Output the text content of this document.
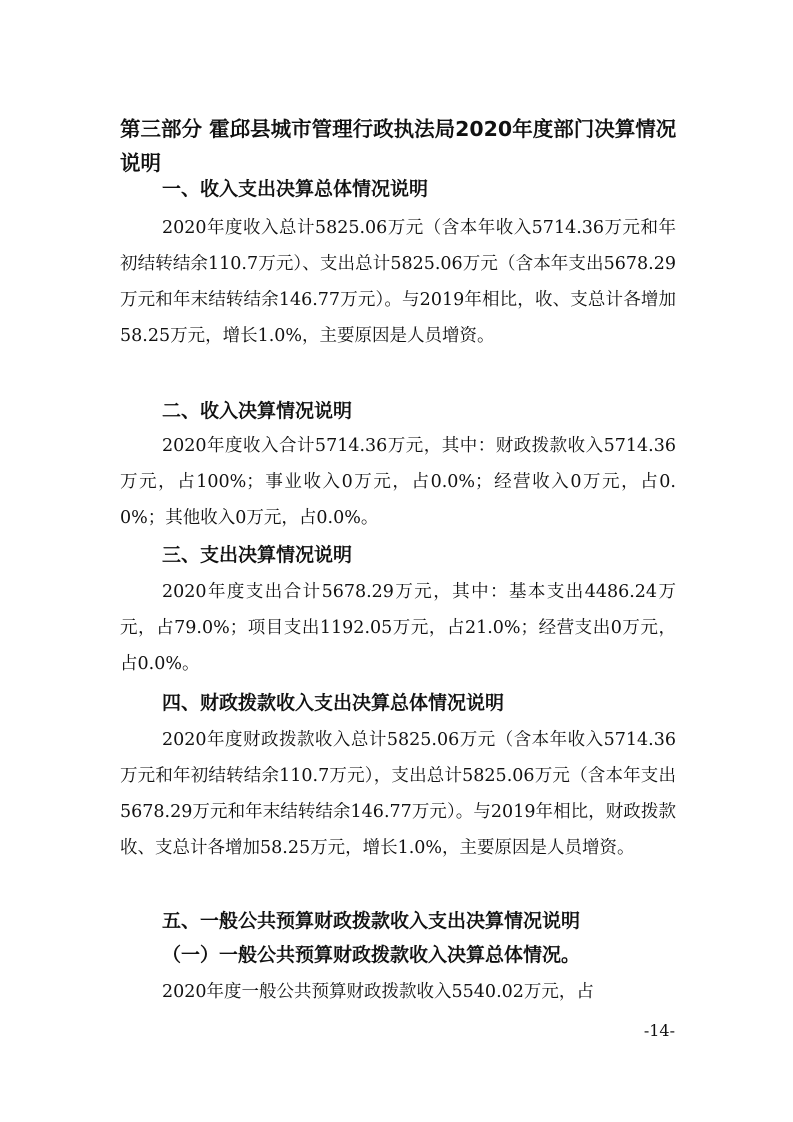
第三部分 霍邱县城市管理行政执法局2020年度部门决算情况说明
一、收入支出决算总体情况说明

2020年度收入总计5825.06万元（含本年收入5714.36万元和年初结转结余110.7万元）、支出总计5825.06万元（含本年支出5678.29万元和年末结转结余146.77万元）。与2019年相比，收、支总计各增加58.25万元，增长1.0%，主要原因是人员增资。

二、收入决算情况说明

2020年度收入合计5714.36万元，其中：财政拨款收入5714.36万元，占100%；事业收入0万元，占0.0%；经营收入0万元，占0.0%；其他收入0万元，占0.0%。

三、支出决算情况说明

2020年度支出合计5678.29万元，其中：基本支出4486.24万元，占79.0%；项目支出1192.05万元，占21.0%；经营支出0万元，占0.0%。

四、财政拨款收入支出决算总体情况说明

2020年度财政拨款收入总计5825.06万元（含本年收入5714.36万元和年初结转结余110.7万元），支出总计5825.06万元（含本年支出5678.29万元和年末结转结余146.77万元）。与2019年相比，财政拨款收、支总计各增加58.25万元，增长1.0%，主要原因是人员增资。

五、一般公共预算财政拨款收入支出决算情况说明
（一）一般公共预算财政拨款收入决算总体情况。

2020年度一般公共预算财政拨款收入5540.02万元，占

-14-
